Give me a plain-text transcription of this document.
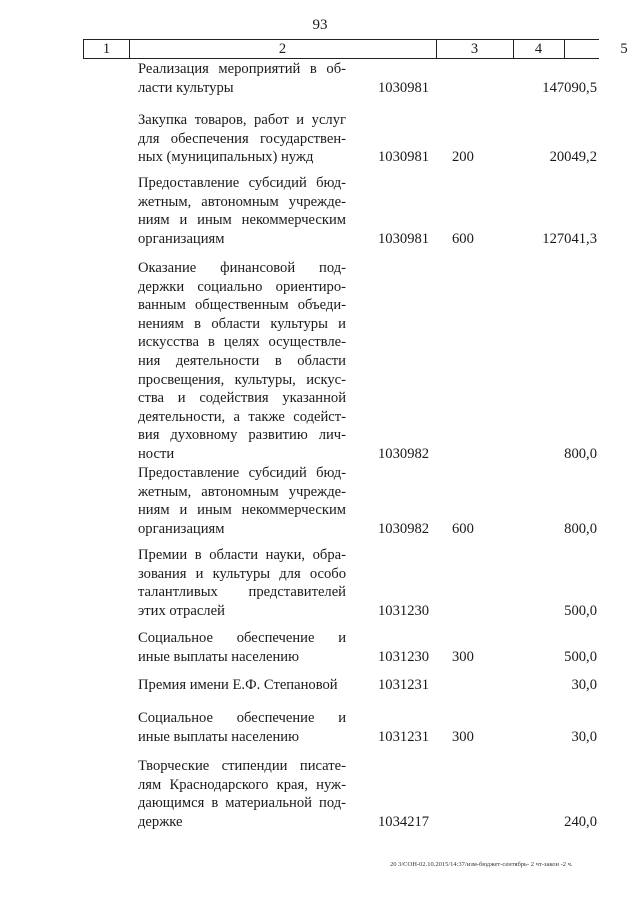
93
1	2	3	4	5
Реализация мероприятий в об-
ласти культуры	1030981	147090,5
Закупка товаров, работ и услуг
для обеспечения государствен-
ных (муниципальных) нужд	1030981 200	20049,2
Предоставление субсидий бюд-
жетным, автономным учрежде-
ниям и иным некоммерческим
организациям	1030981 600	127041,3
Оказание финансовой под-
держки социально ориентиро-
ванным общественным объеди-
нениям в области культуры и
искусства в целях осуществле-
ния деятельности в области
просвещения, культуры, искус-
ства и содействия указанной
деятельности, а также содейст-
вия духовному развитию лич-
ности	1030982	800,0
Предоставление субсидий бюд-
жетным, автономным учрежде-
ниям и иным некоммерческим
организациям	1030982 600	800,0
Премии в области науки, обра-
зования и культуры для особо
талантливых представителей
этих отраслей	1031230	500,0
Социальное обеспечение и
иные выплаты населению	1031230 300	500,0
Премия имени Е.Ф. Степановой	1031231	30,0
Социальное обеспечение и
иные выплаты населению	1031231 300	30,0
Творческие стипендии писате-
лям Краснодарского края, нуж-
дающимся в материальной под-
держке	1034217	240,0
20 3/СОН-02.10.2015/14:37/изм-бюджет-сентябрь- 2 чт-закон -2 ч.
